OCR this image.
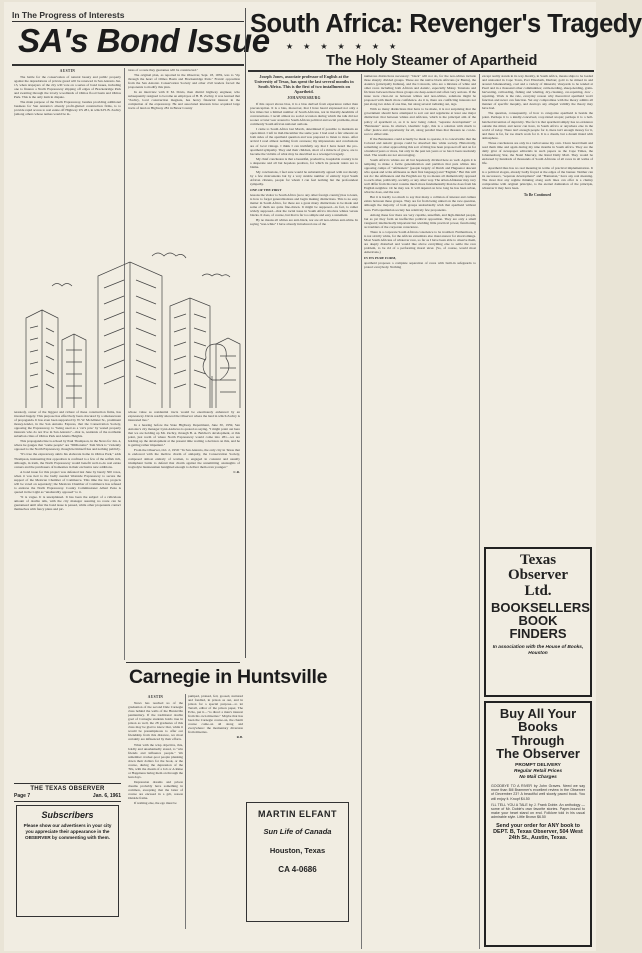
In The Progress of Interests
SA's Bond Issue
AUSTIN

The battle for the conservation of natural beauty and public property against the depredations of private greed will be renewed in San Antonio Jan. 13, when taxpayers of the city will vote on a series of bond issues, including one to finance a North Expressway slipping off edges of Brackenridge Park and swatting through the lovely woodlands of Olmos flood basin and Olmos Park. This is the only item in dispute.

The main purpose of the North Expressway, besides providing additional business for San Antonio's already profit-glutted construction firms, is to provide rapid access to real estate off Highway US 281, in which H. B. Zachry (among others whose names would be in-

tures of a route they guarantee will be constructed."

The original plan, as reported in the Observer, Sept. 18, 1959, was to "rip through the heart of Olmos Basin and Brackenridge Park." Frantic opposition from the San Antonio Conservation Society and other civil leaders forced the proponents to modify this plan.

In an interview with P. M. Davis, then district highway engineer, who subsequently resigned to become an employee of H. B. Zachry, it was learned that "Zachry, local construction magnate, has heavy financial interest in the completion of the expressway. He and associated interests have acquired large tracts of land on Highway 281 in Bexar County

terested), owner of the biggest and richest of these construction firms, has invested hugely. This purpose has effectively been obscured by a smokescreen of propaganda. It has even been supported by W. W. McAllister Sr., prominent money-lender, in the San Antonio Express, that the Conservation Society, opposing the Expressway, is "being used as a 'cat's paw' by vested property interests who do not live in San Antonio"—that is, residents of the northside suburban cities of Olmos Park and Alamo Heights.

This propaganda line is echoed by Paul Thompson, in the News for Jan. 4, where he gauges that "some people" are "Millionaire" Tom Slick is "violently opposed to the North Expressway, though he himself has and nothing publicly.

"It's true the expressway skirts his elaborate home in Olmos Park," adds Thompson, insinuating that opposition is confined to a few of the selfish rich, although, in truth, the North Expressway would benefit well-to-do real estate owners and the purchasers of homesites in their exclusive new additions.

A bond issue for this project was defeated last June by barely 300 votes, when it was tied to the badly needed Westside Expressway to secure the support of the Mexican Chamber of Commerce. This time the two projects will be voted on separately; the Mexican Chamber of Commerce has refused to endorse the North Expressway. County Commissioner Albert Pena is quoted in the Light as "unalterably opposed" to it.

"It is vague. It is unexplained. It has been the subject of a ridiculous amount of double talk, with the city manager assuring no route can be guaranteed until after the bond issue is passed, while other proponents contact themselves with fancy plans and pic-

whose value as residential tracts would be enormously enhanced by an expressway. Davis readily showed the Observer where the land in which Zachry is interested lies."

In a hearing before the State Highway Department, June 30, 1959, San Antonio's city manager Lynn Andrews is quoted as saying, "I might point out here that we are holding up Mr. Zachry, through B. A. Belcher's development, at this point, just north of where North Expressway would come into 281—we are holding up the development at the present time waiting a decision on this, and he is getting rather impatient."

From the Observer, Oct. 2, 1959: "In San Antonio, the only city in Texas that is endowed with the mellow charm of antiquity, the Conservation Society, composed almost entirely of women, is engaged in constant and usually triumphant battle to defend that charm against the unremitting onslaughts of troglodyte businessmen benighted enough to deliver them even younger."

C.R.
THE TEXAS OBSERVER
Page 7	Jan. 6, 1961
Subscribers
Please show our advertisers in your city you appreciate their appearance in the OBSERVER by commenting with them.
Carnegie in Huntsville
AUSTIN

News has reached us of the graduation of the second Dale Carnegie class behind the walls of the Huntsville penitentiary. If the traditional double goal of Carnegie students holds true in prison as well, the 28 graduates of this class may be glad to know that, while it would be presumptuous to offer our friendship from this distance, we most certainly are influenced by their efforts.

What with the wisp objective, this, boldly and unashamedly stated, to "win friends and influence people." We remember cracker-poor people plunking down their dollars for the book, or the course, during the depression of the '30s, with the dream of a Job or A Raise or Happiness luring them on through the lean days.

Depression dreams and prison dreams probably have something in common, excepting that the latter of course are encased in a grit, reason Outside frame.

If nothing else, the ego must be

pumped, praised, fed, goosed, nurtured and fondled, in prison as out, and in prison for a special purpose—to let Terrell, editor of the prison paper, The Echo, put it—"to direct a man's interest from his own miseries." Maybe that has been the Carnegie course-on, the charm course come-on all along and everywhere: the momentary diversion from miseries.

R.B.
MARTIN ELFANT
Sun Life of Canada
Houston, Texas
CA 4-0686
South Africa: Revenger's Tragedy
★★★★★★★
The Holy Steamer of Apartheid
Joseph Jones, associate professor of English at the University of Texas, has spent the last several months in South Africa. This is the first of two installments on Apartheid.
JOHANNESBURG

If this report shows bias, it is a bias derived from experience rather than preconception. It is a bias, moreover, that I have heard expressed not only a few times but a limited number of South Africans, not in literally-headmits of conversations. I recall almost no social occasion during which the talk did not sooner or later veer around to South African political and social problems, most commonly South African national outlook.

I came to South Africa last March, determined if possible to maintain an open mind. I left in mid-December the same year. I had read a fair amount on both sides of the apartheid question and was prepared to listen to more. After arrival I read almost nothing from overseas; my impressions and conclusions are of local vintage. I think I can truthfully say that I have heard the pro-apartheid sympathy. They and their children, short of a miracle of grace, are to become the victims of what may be described as a revenger's tragedy.

My chief conclusion is that a beautiful, productive, hospitable country is in a desperate and all but hopeless position, for which its present rulers are to blame.

My conclusions, I feel sure would be substantially agreed with not merely by a few malcontents but by a very sizable number of entirely loyal South African citizens, people for whom I can feel nothing but the profoundest sympathy.

ONE OF THE FIRST

lessons the visitor to South Africa (as to any other foreign country) has to learn, is how to forget generalizations and begin making distinctions. This is no easy matter in South Africa, for there are a great many distinctions to be made and some of them are quite fine-drawn. It might be supposed—in fact, is rather widely supposed—that the racial issue in South Africa involves whites versus blacks. It does, of course, but that is far too simple and easy a statement.

By no means all whites are anti-black, nor are all non-whites anti-white. In saying "non-white" I have already introduced one of the

numerous distinctions necessary: "black" will not do, for the non-whites include three sharply divided groups. These are the native black Africans (or Bantu), the Asiatics (principally Indians), and the Coloreds, who are a mixture of white and other races including both African and Asiatic, especially Malay. Tensions and frictions between these three groups are deep-seated and often very serious. If the issue were clear-cut as between whites and non-whites, solutions might be proposed with much more confidence. As it is, there are conflicting interests not just along two sides of one line, but along several radiating out, tags.

With so many distinctions that have to be made, it is not surprising that the government should have attempted to sort out and regularize at least one major distinction: that between whites and Africans, which is the principal aim of the policy of apartheid or, as it is now being called, "separate development" or "Bantustan" areas. In abstract, idealistic logic, this is a solution with much to offer: justice and opportunity for all, along parallel lines that threaten no col-de-sacs to either side.

If the Bantustans could actually be made to operate, it is conceivable that the Colored and Asiatic groups could be absorbed into white society. Historically, something or other approaching this sort of thing has been proposed off and on for a hundred years or more, but only in the past ten years or so has it been resolutely tried. The results are not encouraging.

South Africa's whites are all but hopelessly divided here as well. Again it is tempting to make a facile generalization and partition that puts whites into opposing camps of "Afrikaners" (people largely of Dutch and Huguenot descent who speak and write Afrikaans as their first language) and "English." But this will not do: the Afrikaners and the English are by no means all diametrically opposed to each other, politically, socially, or any other way. The urban Afrikaner may very well differ from his rural cousins much more fundamentally than he does from his English neighbor. Or he may not. It will depend on how long he has been urban, what he does, and the rest.

But it is hardly too much to say that many a collision of interest and culture exists between these groups. They are far from being united on the race question, although the majority of both groups undoubtedly wish that apartheid without tears. Full equalitarian society has relatively few proponents.

Among these few there are very capable, unselfish, and high-minded people, but as yet they form an ineffective political opposition. They are only a small vanguard; intellectually important but wielding little practical power, functioning as troublers of the corporate conscience.

There is a corporate South African conscience to be troubled. Furthermore, it is not strictly white, for the African extremists also must answer for shortcomings. Most South Africans of whatever race, so far as I have been able to observe them, are deeply disturbed and would like above everything else to settle the race problem, to be rid of a perforating moral ulcer. (So, of course, would most Americans.)

IN ITS PURE FORM,

apartheid proposes a complete separation of races with built-in safeguards to protect everybody. Nothing

except reality stands in its way. Reality, in South Africa, means ships to be loaded and unloaded in Cape Town, Port Elizabeth, Durban; gold to be mined in and around Johannesburg, coal and a variety of minerals; vineyards to be tended at Paarl and in a thousand other communities; cattle-herding, sheep-herding, grain-harvesting, railroading, fishing and whaling, dry-cleaning, car-repairing, dow - repairing. Work is the rule, everyday reason why theoretical apartheid won't function and never can function. Yet any compromise with the theory admits all manner of specific inequity, and destroys any alleged validity the theory may have had.

The question, consequently, of how to categorize apartheid is beside the point. Perhaps it is a kindly-conceived, rosy-tinted utopia; perhaps it is a bell-hatched invention of depravity. The fact is that apartheid simply has no existence outside the mind, and never can have, in South Africa or anywhere else in the world of today. There isn't enough people for it, there isn't enough money for it, and there is far, far too much work for it. It is a dream, but a dream tinted with atmosphere.

Those conclusions are only in a verbal sense my own. I have heard them and read them time and again during my nine months in South Africa. They are the daily grist of newspaper editorials in such papers as the Cape Times, the Johannesburg Star, the Natal Mercury, the Rand Daily Mail. They would be endorsed by hundreds of thousands of South Africans of all races in all walks of life.

Apartheid thus has no real meaning in terms of practical implementation. It is a political slogan, already badly frayed at the edges of the banner. Neither can its successors, "separate development" and "Bantustan," have any real meaning. The most that any regime thinking along such lines can offer is a clumsy compromise with original principle, to the eternal damnation of the principle, whatever it may have been.

To Be Continued
Texas
Observer
Ltd.
BOOKSELLERS
BOOK FINDERS
In association with the House of Books, Houston
Buy All Your Books
Through
The Observer
PROMPT DELIVERY
Regular Retail Prices
No Mail Charges
GOODBYE TO A RIVER by John Graves. Need we say more than Bill Brammer's excellent review in the Observer of December 23? A beautiful well slowly paced book. You will enjoy it. Knopf $4.50
I'LL TELL YOU A TALE by J. Frank Dobie. An anthology —some of Mr. Dobie's own favorite stories. Paper-bound to make your heart stand on end. Folklore told in his usual admirable style. Little Brown $6.50
Send your order for ANY book to DEPT. B, Texas Observer, 504 West 24th St., Austin, Texas.
